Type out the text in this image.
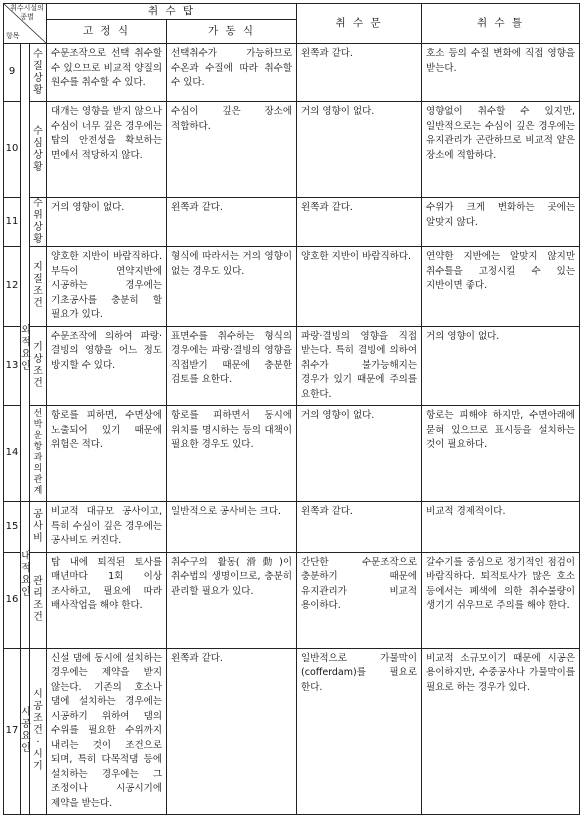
취수시설의 종별
항목			취 수 탑		취 수 문	취 수 틀
			고 정 식	가 동 식		
9		수질상황	수문조작으로 선택 취수할 수 있으므로 비교적 양질의 원수를 취수할 수 있다.	선택취수가 가능하므로 수온과 수질에 따라 취수할 수 있다.	왼쪽과 같다.	호소 등의 수질 변화에 직접 영향을 받는다.
10		수심상황	대개는 영향을 받지 않으나 수심이 너무 깊은 경우에는 탑의 안전성을 확보하는 면에서 적당하지 않다.	수심이 깊은 장소에 적합하다.	거의 영향이 없다.	영향없이 취수할 수 있지만, 일반적으로는 수심이 깊은 경우에는 유지관리가 곤란하므로 비교적 얕은 장소에 적합하다.
11	외적요인	수위상황	거의 영향이 없다.	왼쪽과 같다.	왼쪽과 같다.	수위가 크게 변화하는 곳에는 알맞지 않다.
12		지질조건	양호한 지반이 바람직하다. 부득이 연약지반에 시공하는 경우에는 기초공사를 충분히 할 필요가 있다.	형식에 따라서는 거의 영향이 없는 경우도 있다.	양호한 지반이 바람직하다.	연약한 지반에는 알맞지 않지만 취수틀을 고정시킬 수 있는 지반이면 좋다.
13		기상조건	수문조작에 의하여 파랑·결빙의 영향을 어느 정도 방지할 수 있다.	표면수를 취수하는 형식의 경우에는 파랑·결빙의 영향을 직접받기 때문에 충분한 검토를 요한다.	파랑·결빙의 영향을 직접 받는다. 특히 결빙에 의하여 취수가 불가능해지는 경우가 있기 때문에 주의를 요한다.	거의 영향이 없다.
14		선박운항과의관계	항로를 피하면, 수면상에 노출되어 있기 때문에 위험은 적다.	항로를 피하면서 동시에 위치를 명시하는 등의 대책이 필요한 경우도 있다.	거의 영향이 없다.	항로는 피해야 하지만, 수면아래에 묻혀 있으므로 표시등을 설치하는 것이 필요하다.
15	내적요인	공사비	비교적 대규모 공사이고, 특히 수심이 깊은 경우에는 공사비도 커진다.	일반적으로 공사비는 크다.	왼쪽과 같다.	비교적 경제적이다.
16		관리조건	탑 내에 퇴적된 토사를 매년마다 1회 이상 조사하고, 필요에 따라 배사작업을 해야 한다.	취수구의 활동(滑動)이 취수법의 생명이므로, 충분히 관리할 필요가 있다.	간단한 수문조작으로 충분하기 때문에 유지관리가 비교적 용이하다.	갈수기를 중심으로 정기적인 점검이 바람직하다. 퇴적토사가 많은 호소 등에서는 폐색에 의한 취수불량이 생기기 쉬우므로 주의를 해야 한다.
17	시공요인	시공조건·시기	신설 댐에 동시에 설치하는 경우에는 제약을 받지 않는다. 기존의 호소나 댐에 설치하는 경우에는 시공하기 위하여 댐의 수위를 필요한 수위까지 내리는 것이 조건으로 되며, 특히 다목적댐 등에 설치하는 경우에는 그 조정이나 시공시기에 제약을 받는다.	왼쪽과 같다.	일반적으로 가물막이(cofferdam)를 필요로 한다.	비교적 소규모이기 때문에 시공은 용이하지만, 수중공사나 가물막이를 필요로 하는 경우가 있다.
